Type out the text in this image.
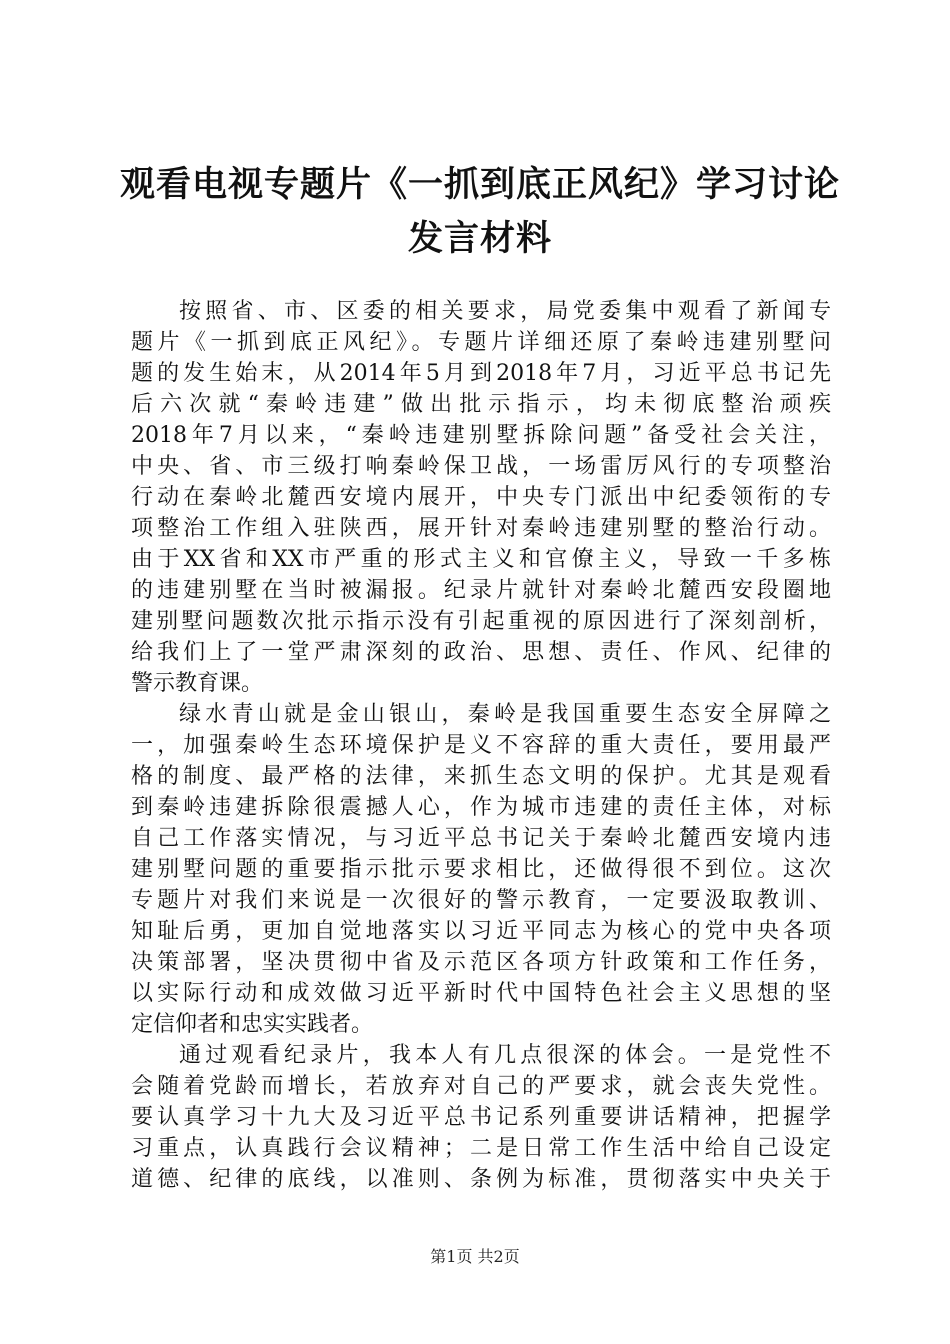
观看电视专题片《一抓到底正风纪》学习讨论
发言材料
按照省、市、区委的相关要求，局党委集中观看了新闻专
题片《一抓到底正风纪》。专题片详细还原了秦岭违建别墅问
题的发生始末，从2014年5月到2018年7月，习近平总书记先
后六次就“秦岭违建”做出批示指示，均未彻底整治顽疾
2018年7月以来，“秦岭违建别墅拆除问题”备受社会关注，
中央、省、市三级打响秦岭保卫战，一场雷厉风行的专项整治
行动在秦岭北麓西安境内展开，中央专门派出中纪委领衔的专
项整治工作组入驻陕西，展开针对秦岭违建别墅的整治行动。
由于XX省和XX市严重的形式主义和官僚主义，导致一千多栋
的违建别墅在当时被漏报。纪录片就针对秦岭北麓西安段圈地
建别墅问题数次批示指示没有引起重视的原因进行了深刻剖析，
给我们上了一堂严肃深刻的政治、思想、责任、作风、纪律的
警示教育课。
绿水青山就是金山银山，秦岭是我国重要生态安全屏障之
一，加强秦岭生态环境保护是义不容辞的重大责任，要用最严
格的制度、最严格的法律，来抓生态文明的保护。尤其是观看
到秦岭违建拆除很震撼人心，作为城市违建的责任主体，对标
自己工作落实情况，与习近平总书记关于秦岭北麓西安境内违
建别墅问题的重要指示批示要求相比，还做得很不到位。这次
专题片对我们来说是一次很好的警示教育，一定要汲取教训、
知耻后勇，更加自觉地落实以习近平同志为核心的党中央各项
决策部署，坚决贯彻中省及示范区各项方针政策和工作任务，
以实际行动和成效做习近平新时代中国特色社会主义思想的坚
定信仰者和忠实实践者。
通过观看纪录片，我本人有几点很深的体会。一是党性不
会随着党龄而增长，若放弃对自己的严要求，就会丧失党性。
要认真学习十九大及习近平总书记系列重要讲话精神，把握学
习重点，认真践行会议精神；二是日常工作生活中给自己设定
道德、纪律的底线，以准则、条例为标准，贯彻落实中央关于
第1页 共2页
